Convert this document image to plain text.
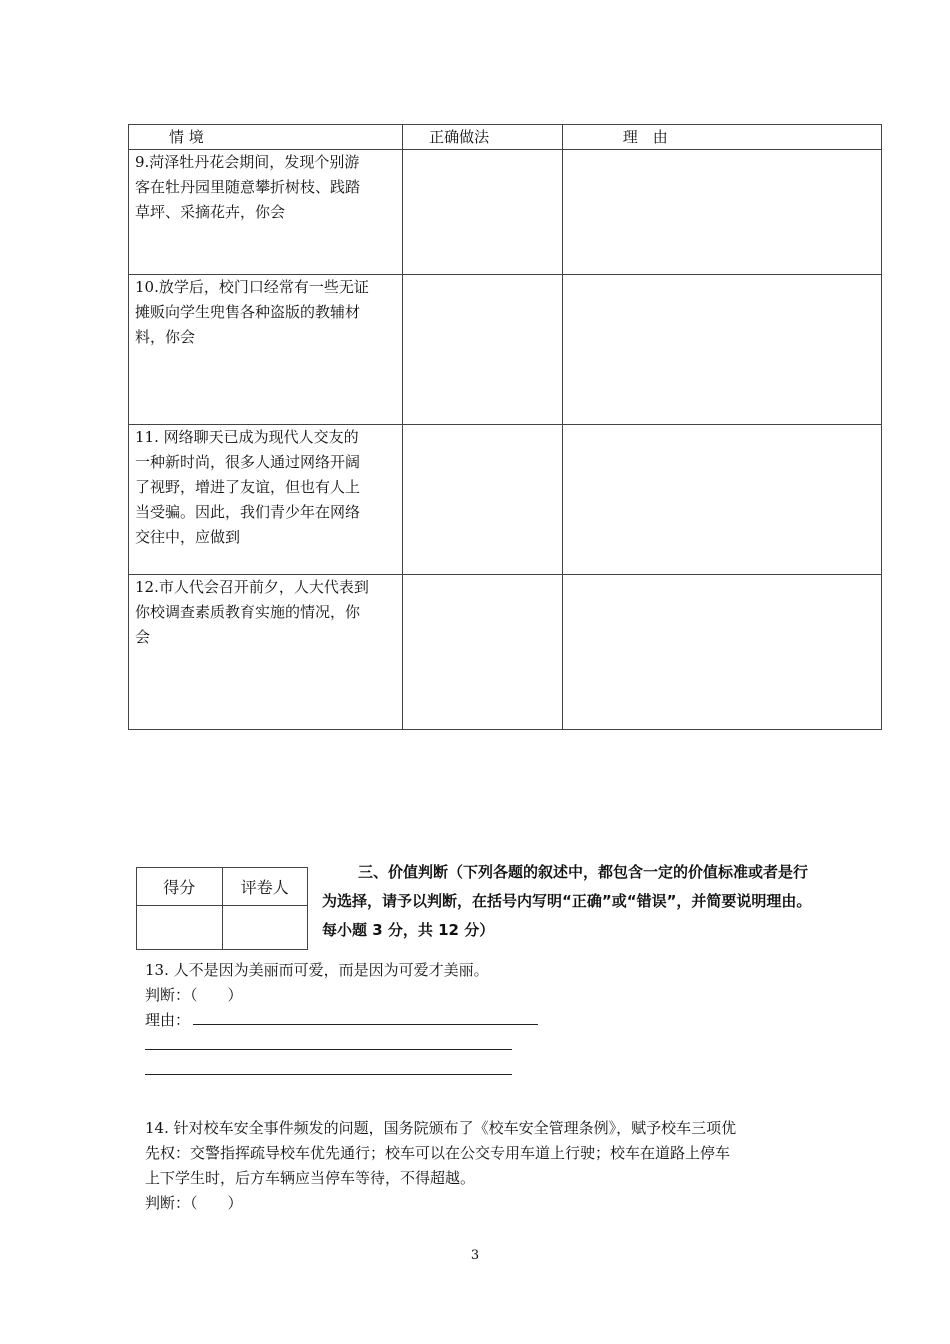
情 境	正确做法	理　由

9.菏泽牡丹花会期间，发现个别游
客在牡丹园里随意攀折树枝、践踏
草坪、采摘花卉，你会		

10.放学后，校门口经常有一些无证
摊贩向学生兜售各种盗版的教辅材
料，你会		

11. 网络聊天已成为现代人交友的
一种新时尚，很多人通过网络开阔
了视野，增进了友谊，但也有人上
当受骗。因此，我们青少年在网络
交往中，应做到		

12.市人代会召开前夕，人大代表到
你校调查素质教育实施的情况，你
会		

得分	评卷人

三、价值判断（下列各题的叙述中，都包含一定的价值标准或者是行为选择，请予以判断，在括号内写明“正确”或“错误”，并简要说明理由。每小题 3 分，共 12 分）
13. 人不是因为美丽而可爱，而是因为可爱才美丽。
判断：（　　）
理由：
14. 针对校车安全事件频发的问题，国务院颁布了《校车安全管理条例》，赋予校车三项优
先权：交警指挥疏导校车优先通行；校车可以在公交专用车道上行驶；校车在道路上停车
上下学生时，后方车辆应当停车等待，不得超越。
判断：（　　）
3
